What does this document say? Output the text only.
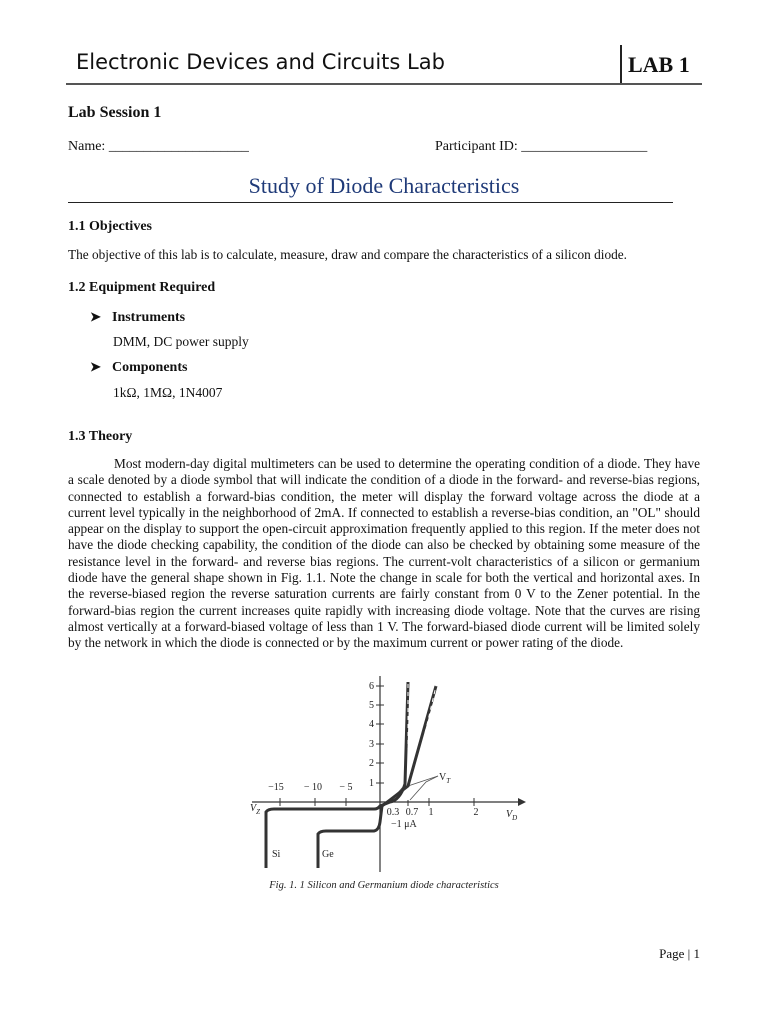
Electronic Devices and Circuits Lab	LAB 1
Lab Session 1
Name: ____________________	Participant ID: __________________
Study of Diode Characteristics
1.1 Objectives
The objective of this lab is to calculate, measure, draw and compare the characteristics of a silicon diode.
1.2 Equipment Required
➤ Instruments
DMM, DC power supply
➤ Components
1kΩ, 1MΩ, 1N4007
1.3 Theory
Most modern-day digital multimeters can be used to determine the operating condition of a diode. They have a scale denoted by a diode symbol that will indicate the condition of a diode in the forward- and reverse-bias regions, connected to establish a forward-bias condition, the meter will display the forward voltage across the diode at a current level typically in the neighborhood of 2mA. If connected to establish a reverse-bias condition, an "OL" should appear on the display to support the open-circuit approximation frequently applied to this region. If the meter does not have the diode checking capability, the condition of the diode can also be checked by obtaining some measure of the resistance level in the forward- and reverse bias regions. The current-volt characteristics of a silicon or germanium diode have the general shape shown in Fig. 1.1. Note the change in scale for both the vertical and horizontal axes. In the reverse-biased region the reverse saturation currents are fairly constant from 0 V to the Zener potential. In the forward-bias region the current increases quite rapidly with increasing diode voltage. Note that the curves are rising almost vertically at a forward-biased voltage of less than 1 V. The forward-biased diode current will be limited solely by the network in which the diode is connected or by the maximum current or power rating of the diode.
6
5
4
3
2
1
−15 − 10 − 5
0.3 0.7 1	2
$V_Z$	$V_D$
$V_T$
−1 μA
Si	Ge
Fig. 1. 1 Silicon and Germanium diode characteristics
Page | 1
